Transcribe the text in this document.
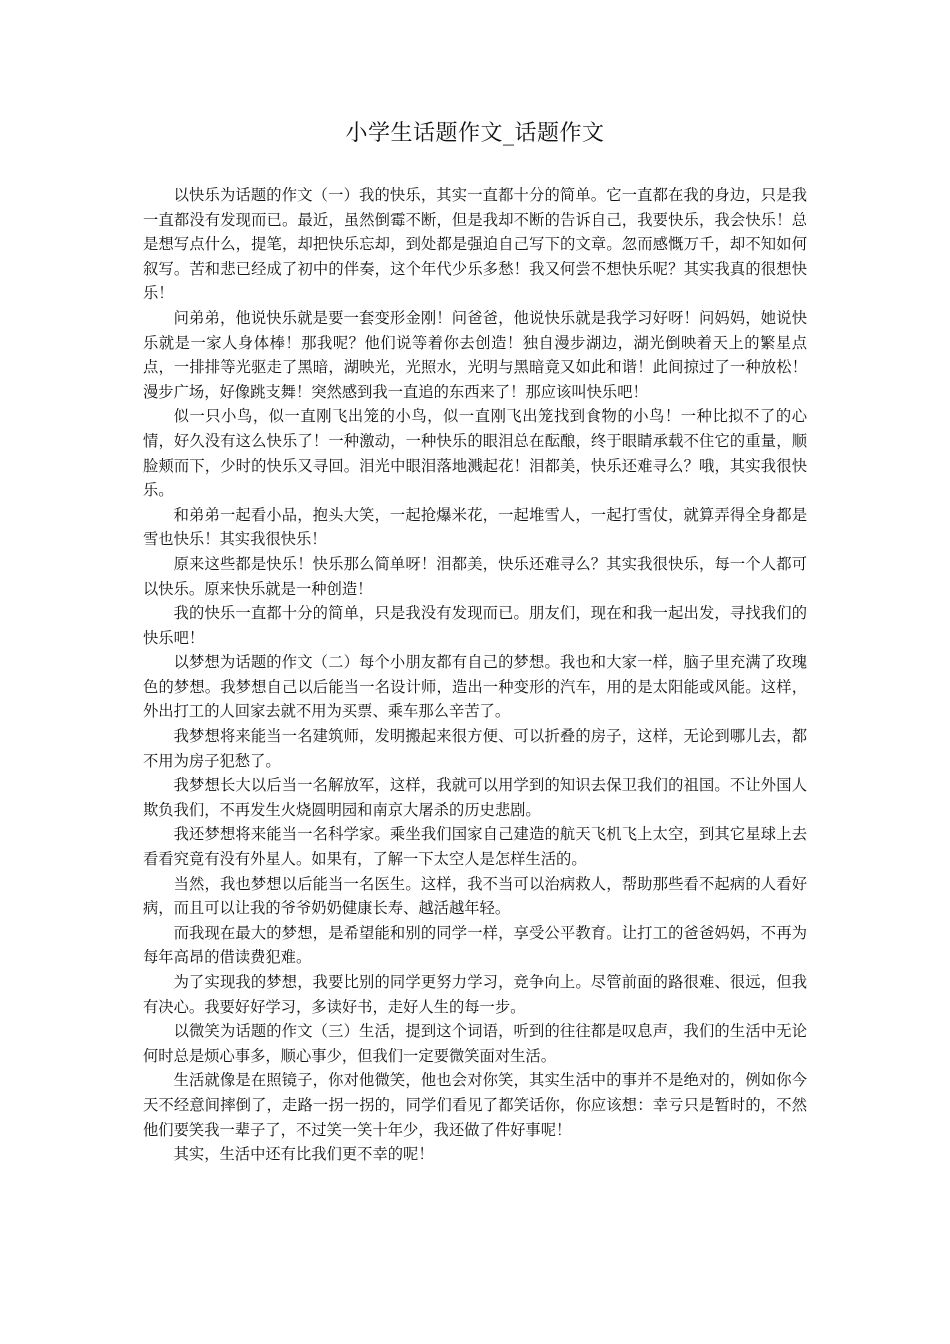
小学生话题作文_话题作文

以快乐为话题的作文（一）我的快乐，其实一直都十分的简单。它一直都在我的身边，只是我一直都没有发现而已。最近，虽然倒霉不断，但是我却不断的告诉自己，我要快乐，我会快乐！总是想写点什么，提笔，却把快乐忘却，到处都是强迫自己写下的文章。忽而感慨万千，却不知如何叙写。苦和悲已经成了初中的伴奏，这个年代少乐多愁！我又何尝不想快乐呢？其实我真的很想快乐！

问弟弟，他说快乐就是要一套变形金刚！问爸爸，他说快乐就是我学习好呀！问妈妈，她说快乐就是一家人身体棒！那我呢？他们说等着你去创造！独自漫步湖边，湖光倒映着天上的繁星点点，一排排等光驱走了黑暗，湖映光，光照水，光明与黑暗竟又如此和谐！此间掠过了一种放松！漫步广场，好像跳支舞！突然感到我一直追的东西来了！那应该叫快乐吧！

似一只小鸟，似一直刚飞出笼的小鸟，似一直刚飞出笼找到食物的小鸟！一种比拟不了的心情，好久没有这么快乐了！一种激动，一种快乐的眼泪总在酝酿，终于眼睛承载不住它的重量，顺脸颊而下，少时的快乐又寻回。泪光中眼泪落地溅起花！泪都美，快乐还难寻么？哦，其实我很快乐。

和弟弟一起看小品，抱头大笑，一起抢爆米花，一起堆雪人，一起打雪仗，就算弄得全身都是雪也快乐！其实我很快乐！

原来这些都是快乐！快乐那么简单呀！泪都美，快乐还难寻么？其实我很快乐，每一个人都可以快乐。原来快乐就是一种创造！

我的快乐一直都十分的简单，只是我没有发现而已。朋友们，现在和我一起出发，寻找我们的快乐吧！

以梦想为话题的作文（二）每个小朋友都有自己的梦想。我也和大家一样，脑子里充满了玫瑰色的梦想。我梦想自己以后能当一名设计师，造出一种变形的汽车，用的是太阳能或风能。这样，外出打工的人回家去就不用为买票、乘车那么辛苦了。

我梦想将来能当一名建筑师，发明搬起来很方便、可以折叠的房子，这样，无论到哪儿去，都不用为房子犯愁了。

我梦想长大以后当一名解放军，这样，我就可以用学到的知识去保卫我们的祖国。不让外国人欺负我们，不再发生火烧圆明园和南京大屠杀的历史悲剧。

我还梦想将来能当一名科学家。乘坐我们国家自己建造的航天飞机飞上太空，到其它星球上去看看究竟有没有外星人。如果有，了解一下太空人是怎样生活的。

当然，我也梦想以后能当一名医生。这样，我不当可以治病救人，帮助那些看不起病的人看好病，而且可以让我的爷爷奶奶健康长寿、越活越年轻。

而我现在最大的梦想，是希望能和别的同学一样，享受公平教育。让打工的爸爸妈妈，不再为每年高昂的借读费犯难。

为了实现我的梦想，我要比别的同学更努力学习，竞争向上。尽管前面的路很难、很远，但我有决心。我要好好学习，多读好书，走好人生的每一步。

以微笑为话题的作文（三）生活，提到这个词语，听到的往往都是叹息声，我们的生活中无论何时总是烦心事多，顺心事少，但我们一定要微笑面对生活。

生活就像是在照镜子，你对他微笑，他也会对你笑，其实生活中的事并不是绝对的，例如你今天不经意间摔倒了，走路一拐一拐的，同学们看见了都笑话你，你应该想：幸亏只是暂时的，不然他们要笑我一辈子了，不过笑一笑十年少，我还做了件好事呢！

其实，生活中还有比我们更不幸的呢！
